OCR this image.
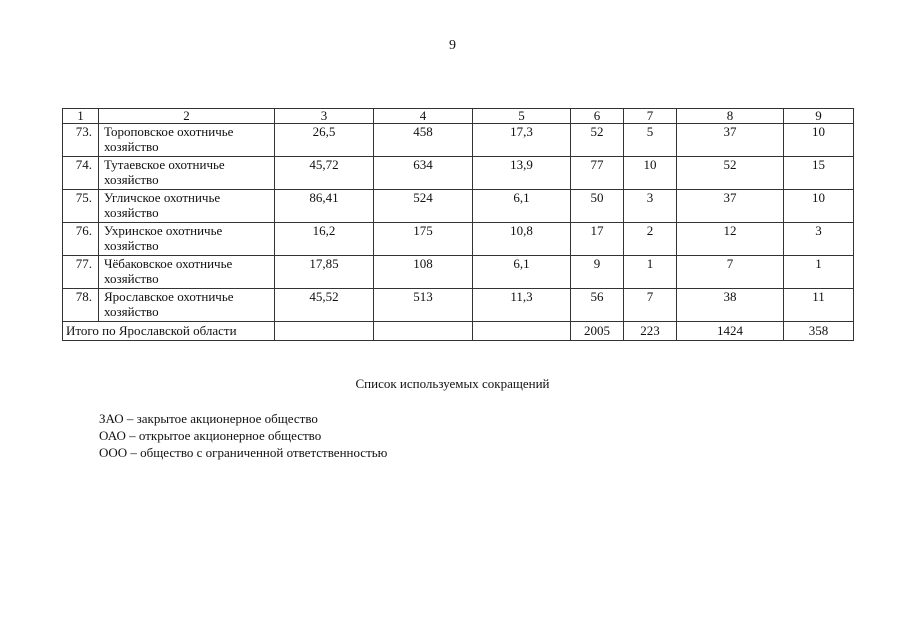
9
1	2	3	4	5	6	7	8	9
73.	Тороповское охотничье хозяйство	26,5	458	17,3	52	5	37	10
74.	Тутаевское охотничье хозяйство	45,72	634	13,9	77	10	52	15
75.	Угличское охотничье хозяйство	86,41	524	6,1	50	3	37	10
76.	Ухринское охотничье хозяйство	16,2	175	10,8	17	2	12	3
77.	Чёбаковское охотничье хозяйство	17,85	108	6,1	9	1	7	1
78.	Ярославское охотничье хозяйство	45,52	513	11,3	56	7	38	11
Итого по Ярославской области					2005	223	1424	358
Список используемых сокращений
ЗАО – закрытое акционерное общество
ОАО – открытое акционерное общество
ООО – общество с ограниченной ответственностью
